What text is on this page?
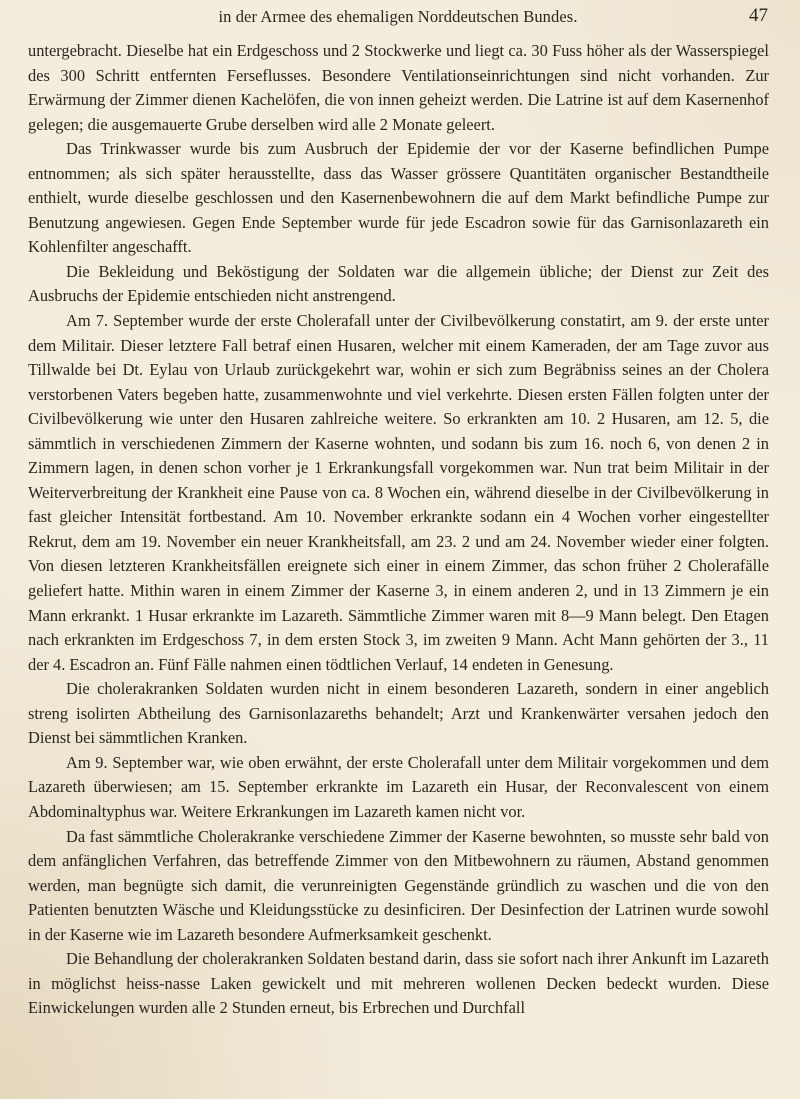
in der Armee des ehemaligen Norddeutschen Bundes.	47

untergebracht. Dieselbe hat ein Erdgeschoss und 2 Stockwerke und liegt ca. 30 Fuss höher als der Wasserspiegel des 300 Schritt entfernten Ferseflusses. Besondere Ventilationseinrichtungen sind nicht vorhanden. Zur Erwärmung der Zimmer dienen Kachelöfen, die von innen geheizt werden. Die Latrine ist auf dem Kasernenhof gelegen; die ausgemauerte Grube derselben wird alle 2 Monate geleert.

Das Trinkwasser wurde bis zum Ausbruch der Epidemie der vor der Kaserne befindlichen Pumpe entnommen; als sich später herausstellte, dass das Wasser grössere Quantitäten organischer Bestandtheile enthielt, wurde dieselbe geschlossen und den Kasernenbewohnern die auf dem Markt befindliche Pumpe zur Benutzung angewiesen. Gegen Ende September wurde für jede Escadron sowie für das Garnisonlazareth ein Kohlenfilter angeschafft.

Die Bekleidung und Beköstigung der Soldaten war die allgemein übliche; der Dienst zur Zeit des Ausbruchs der Epidemie entschieden nicht anstrengend.

Am 7. September wurde der erste Cholerafall unter der Civilbevölkerung constatirt, am 9. der erste unter dem Militair. Dieser letztere Fall betraf einen Husaren, welcher mit einem Kameraden, der am Tage zuvor aus Tillwalde bei Dt. Eylau von Urlaub zurückgekehrt war, wohin er sich zum Begräbniss seines an der Cholera verstorbenen Vaters begeben hatte, zusammenwohnte und viel verkehrte. Diesen ersten Fällen folgten unter der Civilbevölkerung wie unter den Husaren zahlreiche weitere. So erkrankten am 10. 2 Husaren, am 12. 5, die sämmtlich in verschiedenen Zimmern der Kaserne wohnten, und sodann bis zum 16. noch 6, von denen 2 in Zimmern lagen, in denen schon vorher je 1 Erkrankungsfall vorgekommen war. Nun trat beim Militair in der Weiterverbreitung der Krankheit eine Pause von ca. 8 Wochen ein, während dieselbe in der Civilbevölkerung in fast gleicher Intensität fortbestand. Am 10. November erkrankte sodann ein 4 Wochen vorher eingestellter Rekrut, dem am 19. November ein neuer Krankheitsfall, am 23. 2 und am 24. November wieder einer folgten. Von diesen letzteren Krankheitsfällen ereignete sich einer in einem Zimmer, das schon früher 2 Cholerafälle geliefert hatte. Mithin waren in einem Zimmer der Kaserne 3, in einem anderen 2, und in 13 Zimmern je ein Mann erkrankt. 1 Husar erkrankte im Lazareth. Sämmtliche Zimmer waren mit 8—9 Mann belegt. Den Etagen nach erkrankten im Erdgeschoss 7, in dem ersten Stock 3, im zweiten 9 Mann. Acht Mann gehörten der 3., 11 der 4. Escadron an. Fünf Fälle nahmen einen tödtlichen Verlauf, 14 endeten in Genesung.

Die cholerakranken Soldaten wurden nicht in einem besonderen Lazareth, sondern in einer angeblich streng isolirten Abtheilung des Garnisonlazareths behandelt; Arzt und Krankenwärter versahen jedoch den Dienst bei sämmtlichen Kranken.

Am 9. September war, wie oben erwähnt, der erste Cholerafall unter dem Militair vorgekommen und dem Lazareth überwiesen; am 15. September erkrankte im Lazareth ein Husar, der Reconvalescent von einem Abdominaltyphus war. Weitere Erkrankungen im Lazareth kamen nicht vor.

Da fast sämmtliche Cholerakranke verschiedene Zimmer der Kaserne bewohnten, so musste sehr bald von dem anfänglichen Verfahren, das betreffende Zimmer von den Mitbewohnern zu räumen, Abstand genommen werden, man begnügte sich damit, die verunreinigten Gegenstände gründlich zu waschen und die von den Patienten benutzten Wäsche und Kleidungsstücke zu desinficiren. Der Desinfection der Latrinen wurde sowohl in der Kaserne wie im Lazareth besondere Aufmerksamkeit geschenkt.

Die Behandlung der cholerakranken Soldaten bestand darin, dass sie sofort nach ihrer Ankunft im Lazareth in möglichst heiss-nasse Laken gewickelt und mit mehreren wollenen Decken bedeckt wurden. Diese Einwickelungen wurden alle 2 Stunden erneut, bis Erbrechen und Durchfall
